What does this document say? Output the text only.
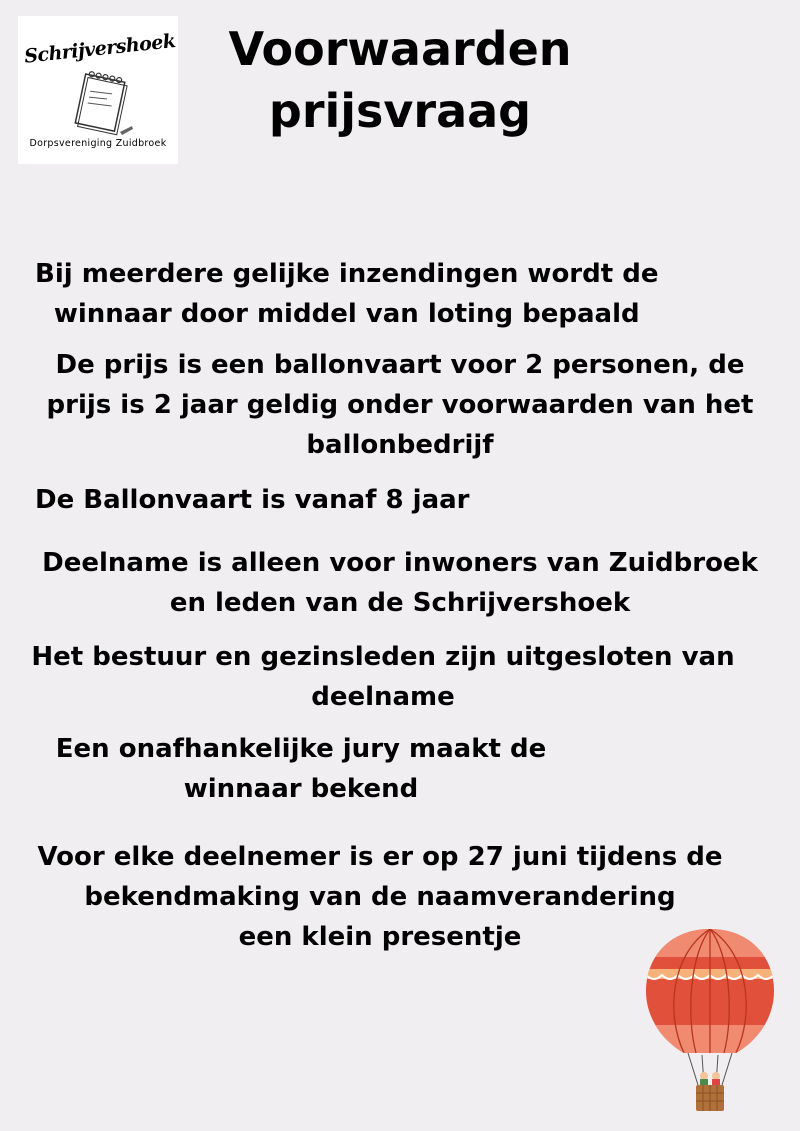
Schrijvershoek
Dorpsvereniging Zuidbroek
Voorwaarden
prijsvraag

Bij meerdere gelijke inzendingen wordt de
winnaar door middel van loting bepaald

De prijs is een ballonvaart voor 2 personen, de
prijs is 2 jaar geldig onder voorwaarden van het
ballonbedrijf

De Ballonvaart is vanaf 8 jaar

Deelname is alleen voor inwoners van Zuidbroek
en leden van de Schrijvershoek

Het bestuur en gezinsleden zijn uitgesloten van
deelname

Een onafhankelijke jury maakt de
winnaar bekend

Voor elke deelnemer is er op 27 juni tijdens de
bekendmaking van de naamverandering
een klein presentje
